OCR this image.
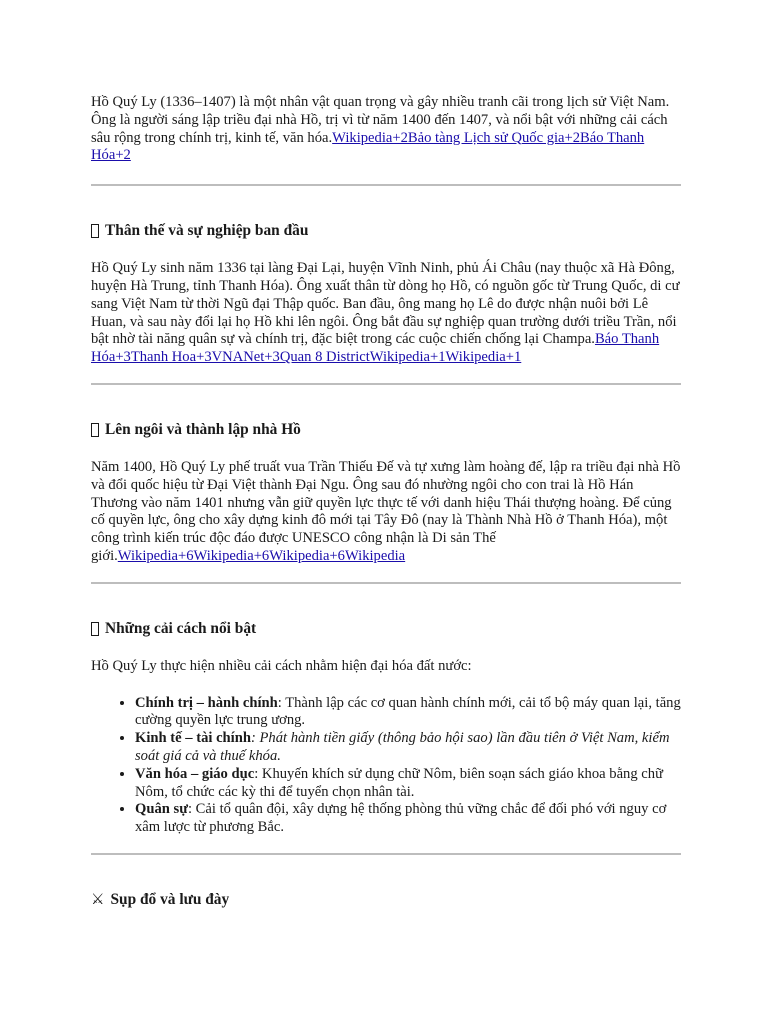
Hồ Quý Ly (1336–1407) là một nhân vật quan trọng và gây nhiều tranh cãi trong lịch sử Việt Nam. Ông là người sáng lập triều đại nhà Hồ, trị vì từ năm 1400 đến 1407, và nổi bật với những cải cách sâu rộng trong chính trị, kinh tế, văn hóa.Wikipedia+2Bảo tàng Lịch sử Quốc gia+2Báo Thanh Hóa+2

Thân thế và sự nghiệp ban đầu

Hồ Quý Ly sinh năm 1336 tại làng Đại Lại, huyện Vĩnh Ninh, phủ Ái Châu (nay thuộc xã Hà Đông, huyện Hà Trung, tỉnh Thanh Hóa). Ông xuất thân từ dòng họ Hồ, có nguồn gốc từ Trung Quốc, di cư sang Việt Nam từ thời Ngũ đại Thập quốc. Ban đầu, ông mang họ Lê do được nhận nuôi bởi Lê Huan, và sau này đổi lại họ Hồ khi lên ngôi. Ông bắt đầu sự nghiệp quan trường dưới triều Trần, nổi bật nhờ tài năng quân sự và chính trị, đặc biệt trong các cuộc chiến chống lại Champa.Báo Thanh Hóa+3Thanh Hoa+3VNANet+3Quan 8 DistrictWikipedia+1Wikipedia+1

Lên ngôi và thành lập nhà Hồ

Năm 1400, Hồ Quý Ly phế truất vua Trần Thiếu Đế và tự xưng làm hoàng đế, lập ra triều đại nhà Hồ và đổi quốc hiệu từ Đại Việt thành Đại Ngu. Ông sau đó nhường ngôi cho con trai là Hồ Hán Thương vào năm 1401 nhưng vẫn giữ quyền lực thực tế với danh hiệu Thái thượng hoàng. Để củng cố quyền lực, ông cho xây dựng kinh đô mới tại Tây Đô (nay là Thành Nhà Hồ ở Thanh Hóa), một công trình kiến trúc độc đáo được UNESCO công nhận là Di sản Thế giới.Wikipedia+6Wikipedia+6Wikipedia+6Wikipedia

Những cải cách nổi bật

Hồ Quý Ly thực hiện nhiều cải cách nhằm hiện đại hóa đất nước:

• Chính trị – hành chính: Thành lập các cơ quan hành chính mới, cải tổ bộ máy quan lại, tăng cường quyền lực trung ương.
• Kinh tế – tài chính: Phát hành tiền giấy (thông bảo hội sao) lần đầu tiên ở Việt Nam, kiểm soát giá cả và thuế khóa.
• Văn hóa – giáo dục: Khuyến khích sử dụng chữ Nôm, biên soạn sách giáo khoa bằng chữ Nôm, tổ chức các kỳ thi để tuyển chọn nhân tài.
• Quân sự: Cải tổ quân đội, xây dựng hệ thống phòng thủ vững chắc để đối phó với nguy cơ xâm lược từ phương Bắc.
⚔ Sụp đổ và lưu đày
